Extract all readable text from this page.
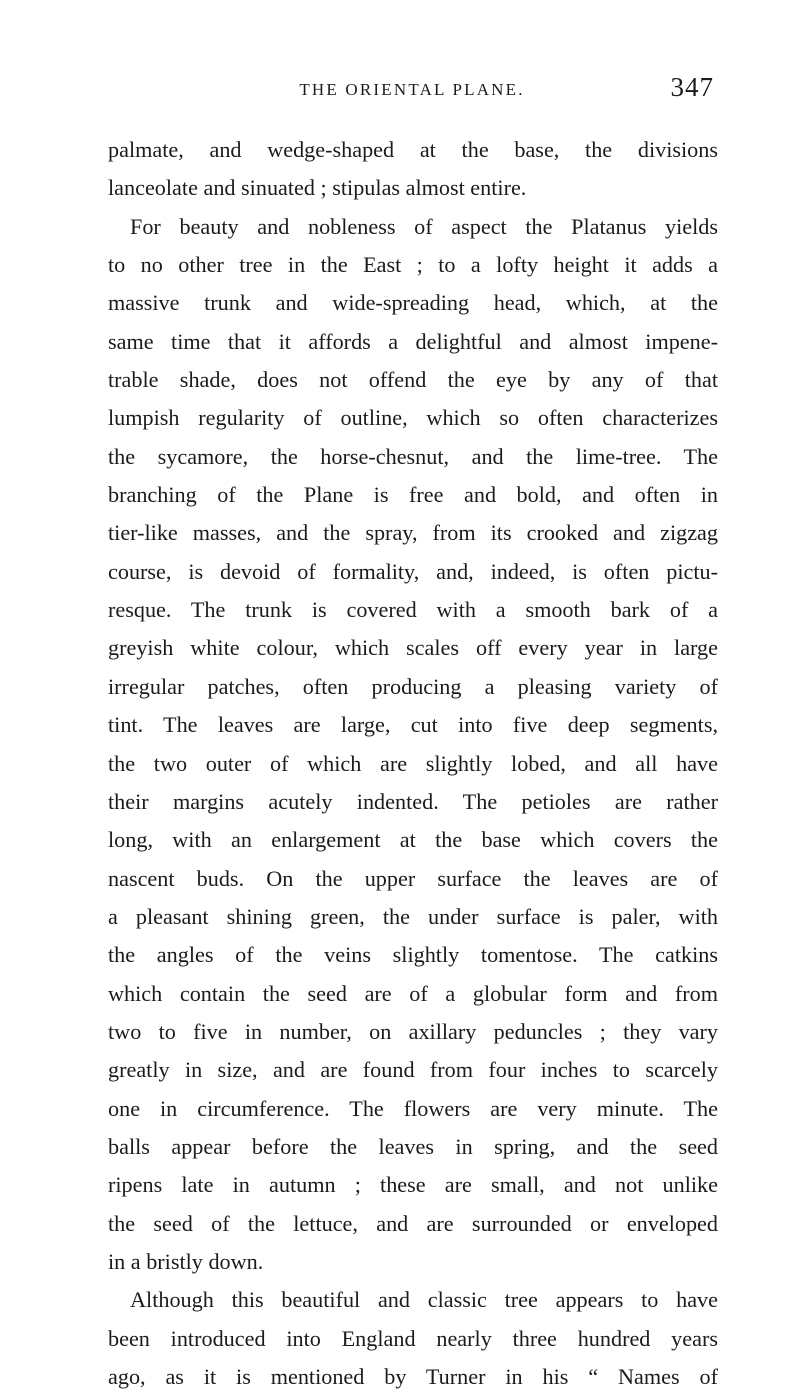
THE ORIENTAL PLANE.	347
palmate, and wedge-shaped at the base, the divisions
lanceolate and sinuated ; stipulas almost entire.
For beauty and nobleness of aspect the Platanus yields
to no other tree in the East ; to a lofty height it adds a
massive trunk and wide-spreading head, which, at the
same time that it affords a delightful and almost impene-
trable shade, does not offend the eye by any of that
lumpish regularity of outline, which so often characterizes
the sycamore, the horse-chesnut, and the lime-tree. The
branching of the Plane is free and bold, and often in
tier-like masses, and the spray, from its crooked and zigzag
course, is devoid of formality, and, indeed, is often pictu-
resque. The trunk is covered with a smooth bark of a
greyish white colour, which scales off every year in large
irregular patches, often producing a pleasing variety of
tint. The leaves are large, cut into five deep segments,
the two outer of which are slightly lobed, and all have
their margins acutely indented. The petioles are rather
long, with an enlargement at the base which covers the
nascent buds. On the upper surface the leaves are of
a pleasant shining green, the under surface is paler, with
the angles of the veins slightly tomentose. The catkins
which contain the seed are of a globular form and from
two to five in number, on axillary peduncles ; they vary
greatly in size, and are found from four inches to scarcely
one in circumference. The flowers are very minute. The
balls appear before the leaves in spring, and the seed
ripens late in autumn ; these are small, and not unlike
the seed of the lettuce, and are surrounded or enveloped
in a bristly down.
Although this beautiful and classic tree appears to have
been introduced into England nearly three hundred years
ago, as it is mentioned by Turner in his “ Names of
